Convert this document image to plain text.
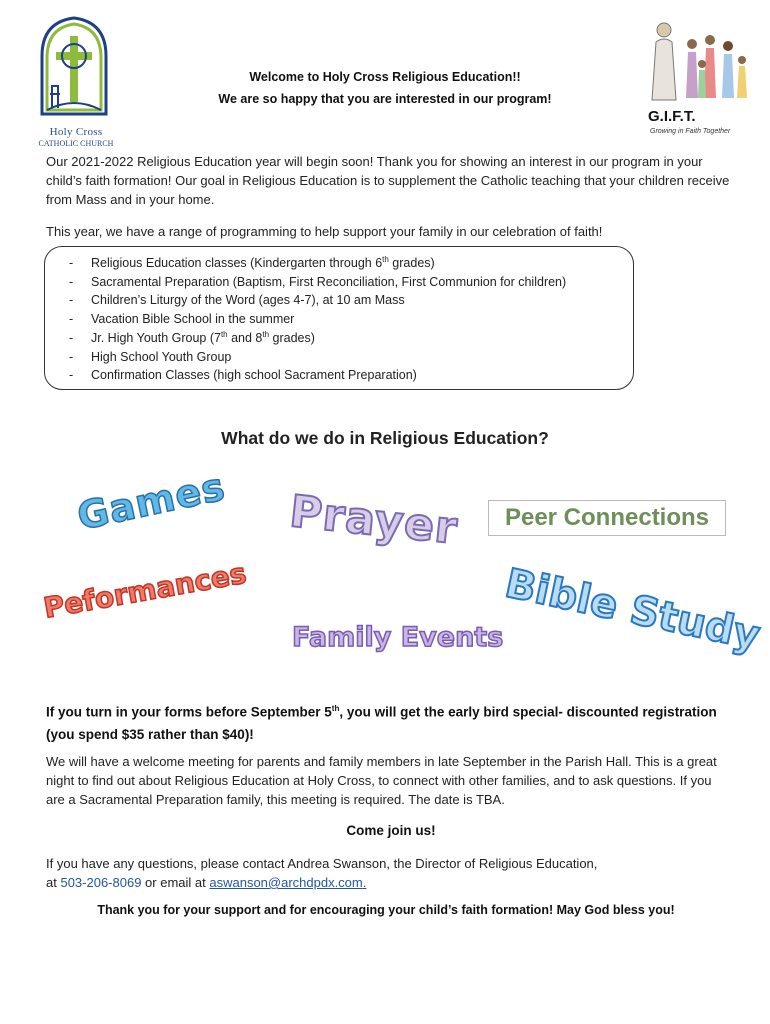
Holy Cross
CATHOLIC CHURCH
G.I.F.T.
Growing in Faith Together
Welcome to Holy Cross Religious Education!!
We are so happy that you are interested in our program!
Our 2021-2022 Religious Education year will begin soon! Thank you for showing an interest in our program in your child’s faith formation! Our goal in Religious Education is to supplement the Catholic teaching that your children receive from Mass and in your home.
This year, we have a range of programming to help support your family in our celebration of faith!
- Religious Education classes (Kindergarten through 6th grades)
- Sacramental Preparation (Baptism, First Reconciliation, First Communion for children)
- Children’s Liturgy of the Word (ages 4-7), at 10 am Mass
- Vacation Bible School in the summer
- Jr. High Youth Group (7th and 8th grades)
- High School Youth Group
- Confirmation Classes (high school Sacrament Preparation)
What do we do in Religious Education?
Games Prayer	Peer Connections
Bible Study
Peformances
Family Events
If you turn in your forms before September 5th, you will get the early bird special- discounted registration (you spend $35 rather than $40)!
We will have a welcome meeting for parents and family members in late September in the Parish Hall. This is a great night to find out about Religious Education at Holy Cross, to connect with other families, and to ask questions. If you are a Sacramental Preparation family, this meeting is required. The date is TBA.
Come join us!
If you have any questions, please contact Andrea Swanson, the Director of Religious Education,
at 503-206-8069 or email at aswanson@archdpdx.com.
Thank you for your support and for encouraging your child’s faith formation! May God bless you!
